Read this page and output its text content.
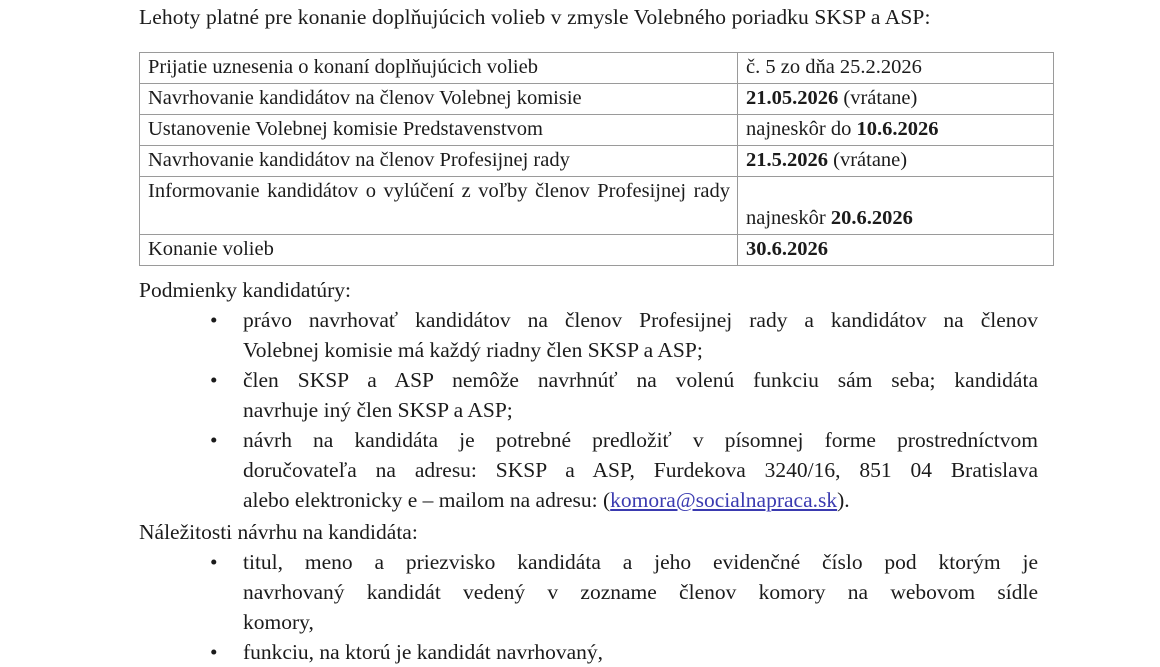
Lehoty platné pre konanie doplňujúcich volieb v zmysle Volebného poriadku SKSP a ASP:
Prijatie uznesenia o konaní doplňujúcich volieb	č. 5 zo dňa 25.2.2026
Navrhovanie kandidátov na členov Volebnej komisie	21.05.2026 (vrátane)
Ustanovenie Volebnej komisie Predstavenstvom	najneskôr do 10.6.2026
Navrhovanie kandidátov na členov Profesijnej rady	21.5.2026 (vrátane)
Informovanie kandidátov o vylúčení z voľby členov Profesijnej rady	najneskôr 20.6.2026
Konanie volieb	30.6.2026
Podmienky kandidatúry:
• právo navrhovať kandidátov na členov Profesijnej rady a kandidátov na členov
Volebnej komisie má každý riadny člen SKSP a ASP;
• člen SKSP a ASP nemôže navrhnúť na volenú funkciu sám seba; kandidáta
navrhuje iný člen SKSP a ASP;
• návrh na kandidáta je potrebné predložiť v písomnej forme prostredníctvom
doručovateľa na adresu: SKSP a ASP, Furdekova 3240/16, 851 04 Bratislava
alebo elektronicky e – mailom na adresu: (komora@socialnapraca.sk).
Náležitosti návrhu na kandidáta:
• titul, meno a priezvisko kandidáta a jeho evidenčné číslo pod ktorým je
navrhovaný kandidát vedený v zozname členov komory na webovom sídle
komory,
• funkciu, na ktorú je kandidát navrhovaný,
